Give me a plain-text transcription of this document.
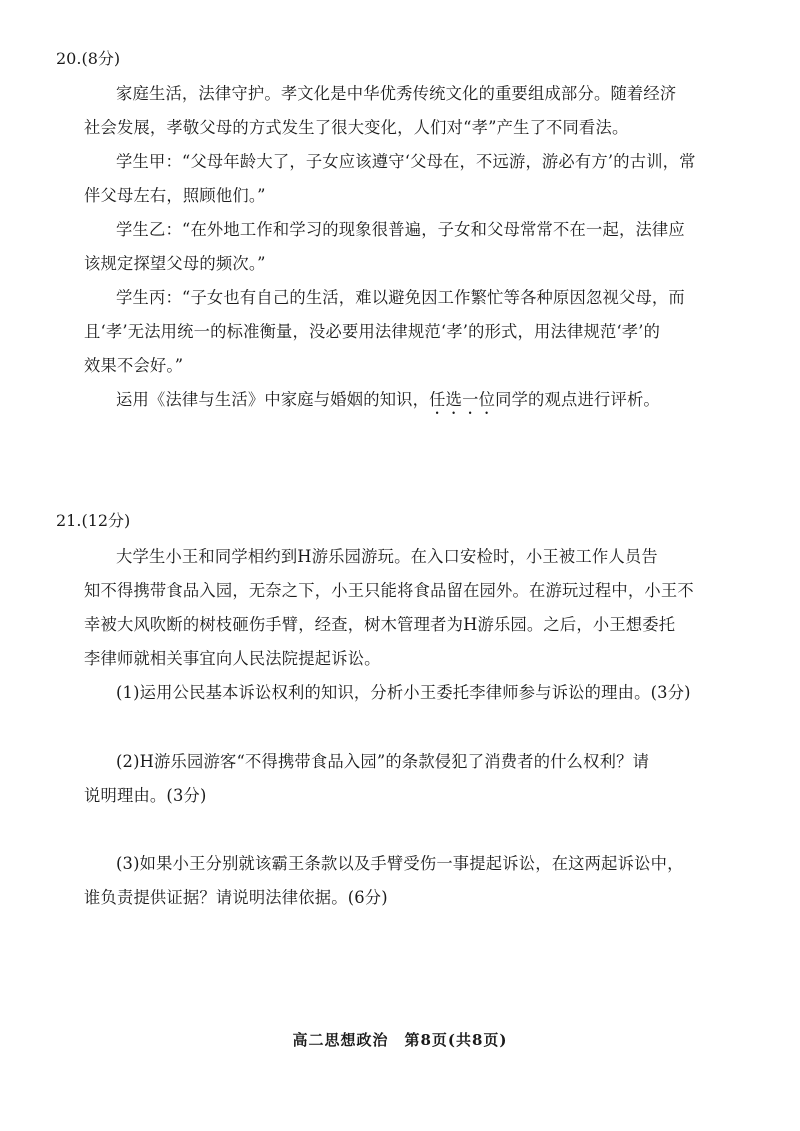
20.(8分)
家庭生活，法律守护。孝文化是中华优秀传统文化的重要组成部分。随着经济
社会发展，孝敬父母的方式发生了很大变化，人们对“孝”产生了不同看法。
学生甲：“父母年龄大了，子女应该遵守‘父母在，不远游，游必有方’的古训，常
伴父母左右，照顾他们。”
学生乙：“在外地工作和学习的现象很普遍，子女和父母常常不在一起，法律应
该规定探望父母的频次。”
学生丙：“子女也有自己的生活，难以避免因工作繁忙等各种原因忽视父母，而
且‘孝’无法用统一的标准衡量，没必要用法律规范‘孝’的形式，用法律规范‘孝’的
效果不会好。”
运用《法律与生活》中家庭与婚姻的知识，任选一位同学的观点进行评析。
21.(12分)
大学生小王和同学相约到H游乐园游玩。在入口安检时，小王被工作人员告
知不得携带食品入园，无奈之下，小王只能将食品留在园外。在游玩过程中，小王不
幸被大风吹断的树枝砸伤手臂，经查，树木管理者为H游乐园。之后，小王想委托
李律师就相关事宜向人民法院提起诉讼。
(1)运用公民基本诉讼权利的知识，分析小王委托李律师参与诉讼的理由。(3分)
(2)H游乐园游客“不得携带食品入园”的条款侵犯了消费者的什么权利？请
说明理由。(3分)
(3)如果小王分别就该霸王条款以及手臂受伤一事提起诉讼，在这两起诉讼中，
谁负责提供证据？请说明法律依据。(6分)
高二思想政治　第8页(共8页)
